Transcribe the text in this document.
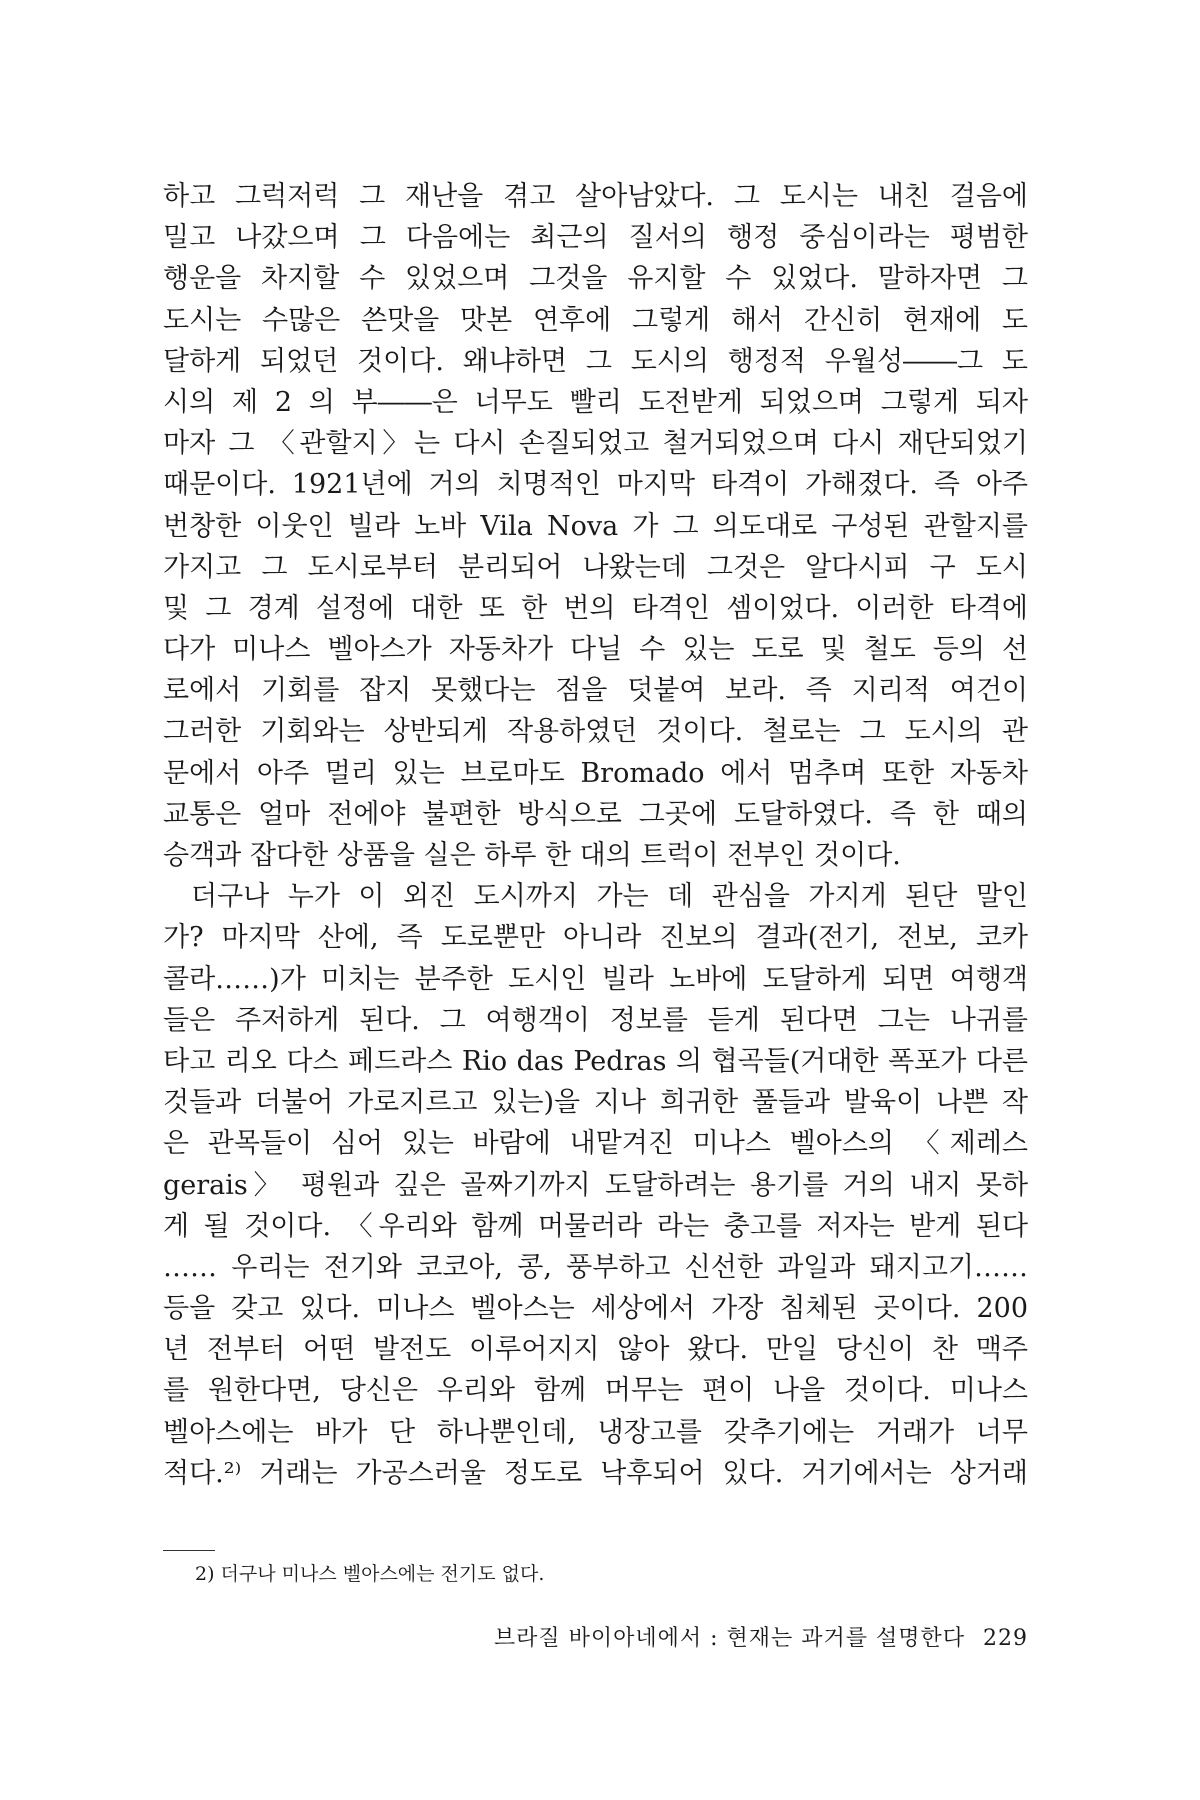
하고 그럭저럭 그 재난을 겪고 살아남았다. 그 도시는 내친 걸음에
밀고 나갔으며 그 다음에는 최근의 질서의 행정 중심이라는 평범한
행운을 차지할 수 있었으며 그것을 유지할 수 있었다. 말하자면 그
도시는 수많은 쓴맛을 맛본 연후에 그렇게 해서 간신히 현재에 도
달하게 되었던 것이다. 왜냐하면 그 도시의 행정적 우월성――그 도
시의 제 2 의 부――은 너무도 빨리 도전받게 되었으며 그렇게 되자
마자 그 〈관할지〉는 다시 손질되었고 철거되었으며 다시 재단되었기
때문이다. 1921년에 거의 치명적인 마지막 타격이 가해졌다. 즉 아주
번창한 이웃인 빌라 노바 Vila Nova 가 그 의도대로 구성된 관할지를
가지고 그 도시로부터 분리되어 나왔는데 그것은 알다시피 구 도시
및 그 경계 설정에 대한 또 한 번의 타격인 셈이었다. 이러한 타격에
다가 미나스 벨아스가 자동차가 다닐 수 있는 도로 및 철도 등의 선
로에서 기회를 잡지 못했다는 점을 덧붙여 보라. 즉 지리적 여건이
그러한 기회와는 상반되게 작용하였던 것이다. 철로는 그 도시의 관
문에서 아주 멀리 있는 브로마도 Bromado 에서 멈추며 또한 자동차
교통은 얼마 전에야 불편한 방식으로 그곳에 도달하였다. 즉 한 때의
승객과 잡다한 상품을 실은 하루 한 대의 트럭이 전부인 것이다.
더구나 누가 이 외진 도시까지 가는 데 관심을 가지게 된단 말인
가? 마지막 산에, 즉 도로뿐만 아니라 진보의 결과(전기, 전보, 코카
콜라……)가 미치는 분주한 도시인 빌라 노바에 도달하게 되면 여행객
들은 주저하게 된다. 그 여행객이 정보를 듣게 된다면 그는 나귀를
타고 리오 다스 페드라스 Rio das Pedras 의 협곡들(거대한 폭포가 다른
것들과 더불어 가로지르고 있는)을 지나 희귀한 풀들과 발육이 나쁜 작
은 관목들이 심어 있는 바람에 내맡겨진 미나스 벨아스의 〈제레스
gerais〉 평원과 깊은 골짜기까지 도달하려는 용기를 거의 내지 못하
게 될 것이다. 〈우리와 함께 머물러라 라는 충고를 저자는 받게 된다
…… 우리는 전기와 코코아, 콩, 풍부하고 신선한 과일과 돼지고기……
등을 갖고 있다. 미나스 벨아스는 세상에서 가장 침체된 곳이다. 200
년 전부터 어떤 발전도 이루어지지 않아 왔다. 만일 당신이 찬 맥주
를 원한다면, 당신은 우리와 함께 머무는 편이 나을 것이다. 미나스
벨아스에는 바가 단 하나뿐인데, 냉장고를 갖추기에는 거래가 너무
적다.²⁾ 거래는 가공스러울 정도로 낙후되어 있다. 거기에서는 상거래
2) 더구나 미나스 벨아스에는 전기도 없다.
브라질 바이아네에서 : 현재는 과거를 설명한다 229
